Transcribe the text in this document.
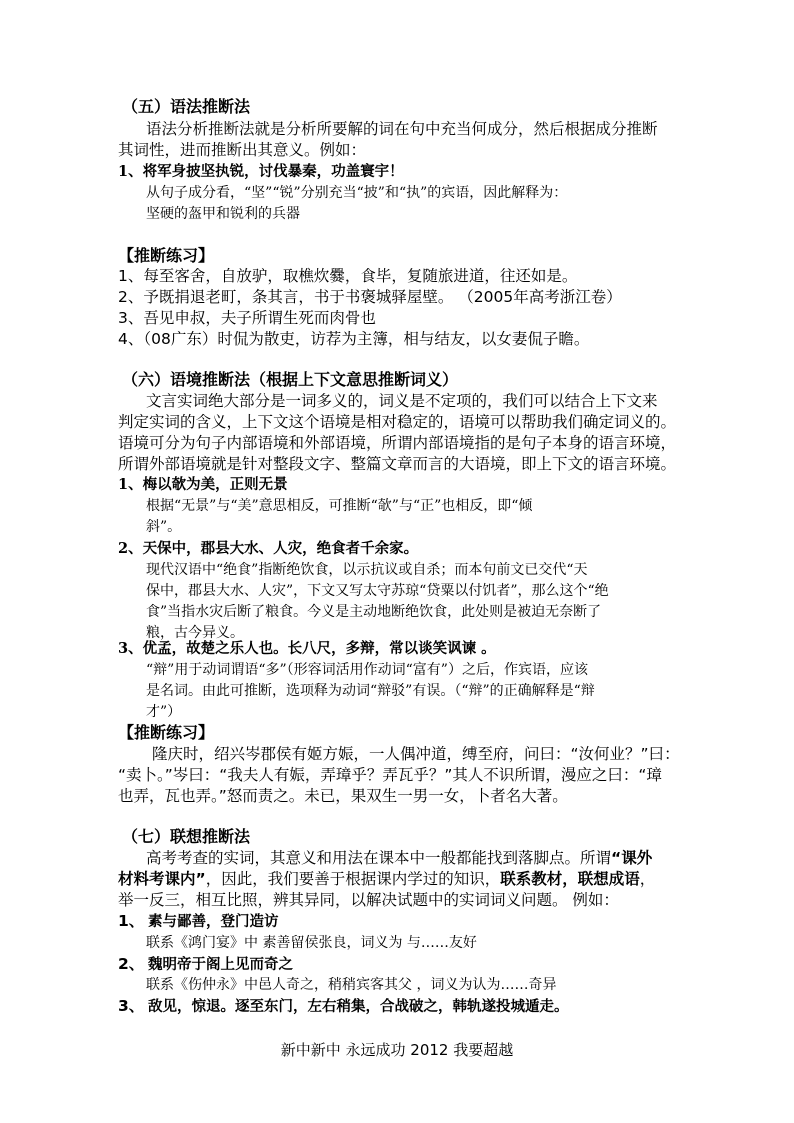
（五）语法推断法
语法分析推断法就是分析所要解的词在句中充当何成分，然后根据成分推断
其词性，进而推断出其意义。例如：
1、将军身披坚执锐，讨伐暴秦，功盖寰宇！
从句子成分看，“坚”“锐”分别充当“披”和“执”的宾语，因此解释为：
坚硬的盔甲和锐利的兵器
【推断练习】
1、每至客舍，自放驴，取樵炊爨，食毕，复随旅进道，往还如是。
2、予既捐退老町，条其言，书于书褒城驿屋壁。 （2005年高考浙江卷）
3、吾见申叔，夫子所谓生死而肉骨也
4、（08广东）时侃为散吏，访荐为主簿，相与结友，以女妻侃子瞻。
（六）语境推断法（根据上下文意思推断词义）
文言实词绝大部分是一词多义的，词义是不定项的，我们可以结合上下文来
判定实词的含义，上下文这个语境是相对稳定的，语境可以帮助我们确定词义的。
语境可分为句子内部语境和外部语境，所谓内部语境指的是句子本身的语言环境，
所谓外部语境就是针对整段文字、整篇文章而言的大语境，即上下文的语言环境。
1、梅以欹为美，正则无景
根据“无景”与“美”意思相反，可推断“欹”与“正”也相反，即“倾
斜”。
2、天保中，郡县大水、人灾，绝食者千余家。
现代汉语中“绝食”指断绝饮食，以示抗议或自杀；而本句前文已交代“天
保中，郡县大水、人灾”，下文又写太守苏琼“贷粟以付饥者”，那么这个“绝
食”当指水灾后断了粮食。今义是主动地断绝饮食，此处则是被迫无奈断了
粮，古今异义。
3、优孟，故楚之乐人也。长八尺，多辩，常以谈笑讽谏 。
“辩”用于动词谓语“多”（形容词活用作动词“富有”）之后，作宾语，应该
是名词。由此可推断，选项释为动词“辩驳”有误。（“辩”的正确解释是“辩
才”）
【推断练习】
隆庆时，绍兴岑郡侯有姬方娠，一人偶冲道，缚至府，问曰：“汝何业？”曰：
“卖卜。”岑曰：“我夫人有娠，弄璋乎？弄瓦乎？”其人不识所谓，漫应之曰：“璋
也弄，瓦也弄。”怒而责之。未已，果双生一男一女，卜者名大著。
（七）联想推断法
高考考查的实词，其意义和用法在课本中一般都能找到落脚点。所谓“课外
材料考课内”，因此，我们要善于根据课内学过的知识，联系教材，联想成语，
举一反三，相互比照，辨其异同，以解决试题中的实词词义问题。 例如：
1、 素与鄙善，登门造访
联系《鸿门宴》中 素善留侯张良，词义为 与……友好
2、 魏明帝于阁上见而奇之
联系《伤仲永》中邑人奇之，稍稍宾客其父 ，词义为认为……奇异
3、 敌见，惊退。逐至东门，左右稍集，合战破之，韩轨遂投城遁走。
新中新中 永远成功 2012 我要超越
